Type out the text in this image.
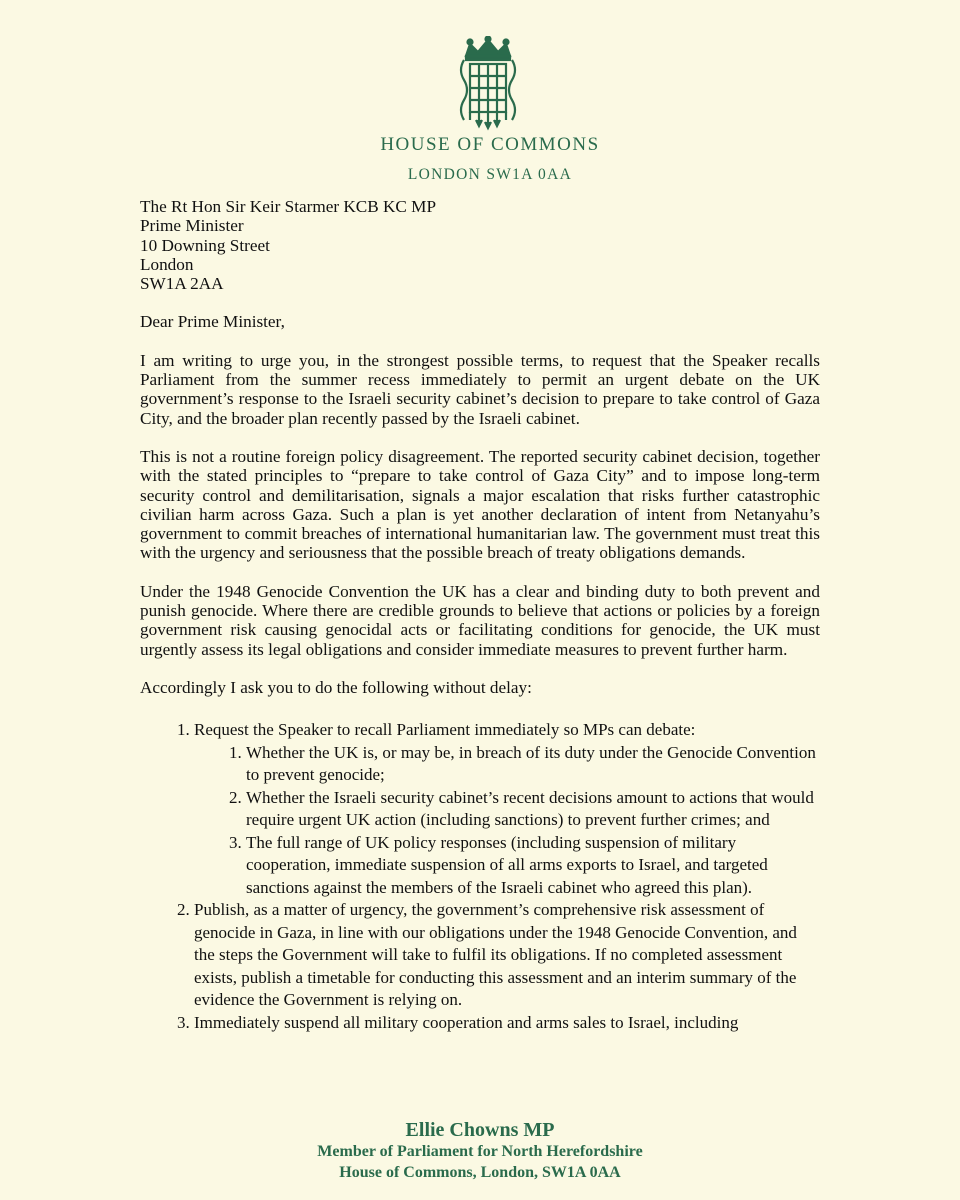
HOUSE OF COMMONS
LONDON SW1A 0AA
The Rt Hon Sir Keir Starmer KCB KC MP
Prime Minister
10 Downing Street
London
SW1A 2AA

Dear Prime Minister,

I am writing to urge you, in the strongest possible terms, to request that the Speaker recalls Parliament from the summer recess immediately to permit an urgent debate on the UK government’s response to the Israeli security cabinet’s decision to prepare to take control of Gaza City, and the broader plan recently passed by the Israeli cabinet.

This is not a routine foreign policy disagreement. The reported security cabinet decision, together with the stated principles to “prepare to take control of Gaza City” and to impose long-term security control and demilitarisation, signals a major escalation that risks further catastrophic civilian harm across Gaza. Such a plan is yet another declaration of intent from Netanyahu’s government to commit breaches of international humanitarian law. The government must treat this with the urgency and seriousness that the possible breach of treaty obligations demands.

Under the 1948 Genocide Convention the UK has a clear and binding duty to both prevent and punish genocide. Where there are credible grounds to believe that actions or policies by a foreign government risk causing genocidal acts or facilitating conditions for genocide, the UK must urgently assess its legal obligations and consider immediate measures to prevent further harm.

Accordingly I ask you to do the following without delay:

1. Request the Speaker to recall Parliament immediately so MPs can debate:
1. Whether the UK is, or may be, in breach of its duty under the Genocide Convention to prevent genocide;
2. Whether the Israeli security cabinet’s recent decisions amount to actions that would require urgent UK action (including sanctions) to prevent further crimes; and
3. The full range of UK policy responses (including suspension of military cooperation, immediate suspension of all arms exports to Israel, and targeted sanctions against the members of the Israeli cabinet who agreed this plan).
2. Publish, as a matter of urgency, the government’s comprehensive risk assessment of genocide in Gaza, in line with our obligations under the 1948 Genocide Convention, and the steps the Government will take to fulfil its obligations. If no completed assessment exists, publish a timetable for conducting this assessment and an interim summary of the evidence the Government is relying on.
3. Immediately suspend all military cooperation and arms sales to Israel, including
Ellie Chowns MP
Member of Parliament for North Herefordshire
House of Commons, London, SW1A 0AA
